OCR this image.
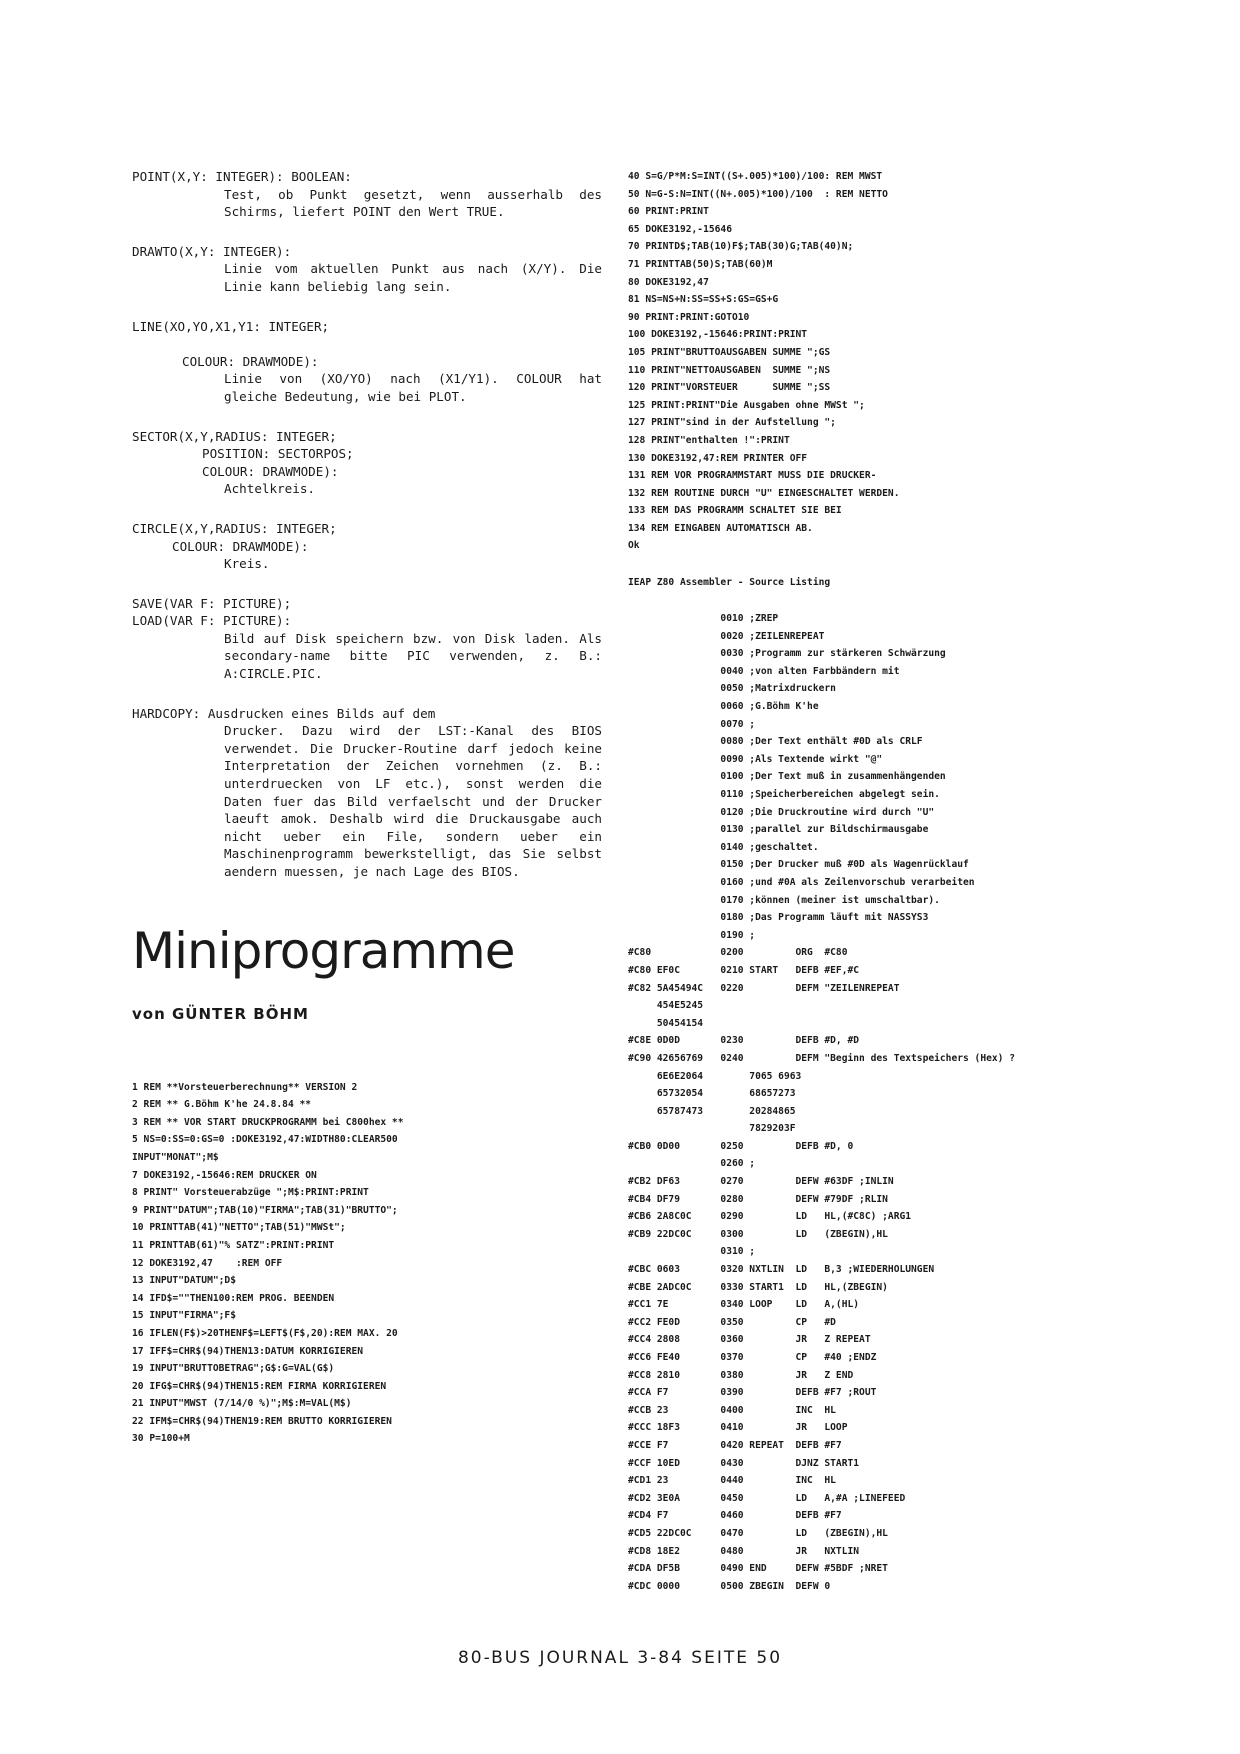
POINT(X,Y: INTEGER): BOOLEAN:
Test, ob Punkt gesetzt, wenn ausserhalb des Schirms, liefert POINT den Wert TRUE.
DRAWTO(X,Y: INTEGER):
Linie vom aktuellen Punkt aus nach (X/Y). Die Linie kann beliebig lang sein.
LINE(XO,YO,X1,Y1: INTEGER;

COLOUR: DRAWMODE):
Linie von (XO/YO) nach (X1/Y1). COLOUR hat gleiche Bedeutung, wie bei PLOT.
SECTOR(X,Y,RADIUS: INTEGER;
POSITION: SECTORPOS;
COLOUR: DRAWMODE):
Achtelkreis.
CIRCLE(X,Y,RADIUS: INTEGER;
COLOUR: DRAWMODE):
Kreis.
SAVE(VAR F: PICTURE);
LOAD(VAR F: PICTURE):
Bild auf Disk speichern bzw. von Disk laden. Als secondary-name bitte PIC verwenden, z. B.: A:CIRCLE.PIC.
HARDCOPY: Ausdrucken eines Bilds auf dem
Drucker. Dazu wird der LST:-Kanal des BIOS verwendet. Die Drucker-Routine darf jedoch keine Interpretation der Zeichen vornehmen (z. B.: unterdruecken von LF etc.), sonst werden die Daten fuer das Bild verfaelscht und der Drucker laeuft amok. Deshalb wird die Druckausgabe auch nicht ueber ein File, sondern ueber ein Maschinenprogramm bewerkstelligt, das Sie selbst aendern muessen, je nach Lage des BIOS.
Miniprogramme
von GÜNTER BÖHM
1 REM **Vorsteuerberechnung** VERSION 2
2 REM ** G.Böhm K'he 24.8.84 **
3 REM ** VOR START DRUCKPROGRAMM bei C800hex **
5 NS=0:SS=0:GS=0 :DOKE3192,47:WIDTH80:CLEAR500
INPUT"MONAT";M$
7 DOKE3192,-15646:REM DRUCKER ON
8 PRINT" Vorsteuerabzüge ";M$:PRINT:PRINT
9 PRINT"DATUM";TAB(10)"FIRMA";TAB(31)"BRUTTO";
10 PRINTTAB(41)"NETTO";TAB(51)"MWSt";
11 PRINTTAB(61)"% SATZ":PRINT:PRINT
12 DOKE3192,47    :REM OFF
13 INPUT"DATUM";D$
14 IFD$=""THEN100:REM PROG. BEENDEN
15 INPUT"FIRMA";F$
16 IFLEN(F$)>20THENF$=LEFT$(F$,20):REM MAX. 20
17 IFF$=CHR$(94)THEN13:DATUM KORRIGIEREN
19 INPUT"BRUTTOBETRAG";G$:G=VAL(G$)
20 IFG$=CHR$(94)THEN15:REM FIRMA KORRIGIEREN
21 INPUT"MWST (7/14/0 %)";M$:M=VAL(M$)
22 IFM$=CHR$(94)THEN19:REM BRUTTO KORRIGIEREN
30 P=100+M
40 S=G/P*M:S=INT((S+.005)*100)/100: REM MWST
50 N=G-S:N=INT((N+.005)*100)/100  : REM NETTO
60 PRINT:PRINT
65 DOKE3192,-15646
70 PRINTD$;TAB(10)F$;TAB(30)G;TAB(40)N;
71 PRINTTAB(50)S;TAB(60)M
80 DOKE3192,47
81 NS=NS+N:SS=SS+S:GS=GS+G
90 PRINT:PRINT:GOTO10
100 DOKE3192,-15646:PRINT:PRINT
105 PRINT"BRUTTOAUSGABEN SUMME ";GS
110 PRINT"NETTOAUSGABEN  SUMME ";NS
120 PRINT"VORSTEUER      SUMME ";SS
125 PRINT:PRINT"Die Ausgaben ohne MWSt ";
127 PRINT"sind in der Aufstellung ";
128 PRINT"enthalten !":PRINT
130 DOKE3192,47:REM PRINTER OFF
131 REM VOR PROGRAMMSTART MUSS DIE DRUCKER-
132 REM ROUTINE DURCH "U" EINGESCHALTET WERDEN.
133 REM DAS PROGRAMM SCHALTET SIE BEI
134 REM EINGABEN AUTOMATISCH AB.
Ok
IEAP Z80 Assembler - Source Listing
0010 ;ZREP
0020 ;ZEILENREPEAT
0030 ;Programm zur stärkeren Schwärzung
0040 ;von alten Farbbändern mit
0050 ;Matrixdruckern
0060 ;G.Böhm K'he
0070 ;
0080 ;Der Text enthält #0D als CRLF
0090 ;Als Textende wirkt "@"
0100 ;Der Text muß in zusammenhängenden
0110 ;Speicherbereichen abgelegt sein.
0120 ;Die Druckroutine wird durch "U"
0130 ;parallel zur Bildschirmausgabe
0140 ;geschaltet.
0150 ;Der Drucker muß #0D als Wagenrücklauf
0160 ;und #0A als Zeilenvorschub verarbeiten
0170 ;können (meiner ist umschaltbar).
0180 ;Das Programm läuft mit NASSYS3
0190 ;
#C80            0200         ORG  #C80
#C80 EF0C       0210 START   DEFB #EF,#C
#C82 5A45494C   0220         DEFM "ZEILENREPEAT
454E5245
50454154
#C8E 0D0D       0230         DEFB #D, #D
#C90 42656769   0240         DEFM "Beginn des Textspeichers (Hex) ?
6E6E2064        7065 6963
65732054        68657273
65787473        20284865
7829203F
#CB0 0D00       0250         DEFB #D, 0
0260 ;
#CB2 DF63       0270         DEFW #63DF ;INLIN
#CB4 DF79       0280         DEFW #79DF ;RLIN
#CB6 2A8C0C     0290         LD   HL,(#C8C) ;ARG1
#CB9 22DC0C     0300         LD   (ZBEGIN),HL
0310 ;
#CBC 0603       0320 NXTLIN  LD   B,3 ;WIEDERHOLUNGEN
#CBE 2ADC0C     0330 START1  LD   HL,(ZBEGIN)
#CC1 7E         0340 LOOP    LD   A,(HL)
#CC2 FE0D       0350         CP   #D
#CC4 2808       0360         JR   Z REPEAT
#CC6 FE40       0370         CP   #40 ;ENDZ
#CC8 2810       0380         JR   Z END
#CCA F7         0390         DEFB #F7 ;ROUT
#CCB 23         0400         INC  HL
#CCC 18F3       0410         JR   LOOP
#CCE F7         0420 REPEAT  DEFB #F7
#CCF 10ED       0430         DJNZ START1
#CD1 23         0440         INC  HL
#CD2 3E0A       0450         LD   A,#A ;LINEFEED
#CD4 F7         0460         DEFB #F7
#CD5 22DC0C     0470         LD   (ZBEGIN),HL
#CD8 18E2       0480         JR   NXTLIN
#CDA DF5B       0490 END     DEFW #5BDF ;NRET
#CDC 0000       0500 ZBEGIN  DEFW 0
80-BUS JOURNAL 3-84 SEITE 50
